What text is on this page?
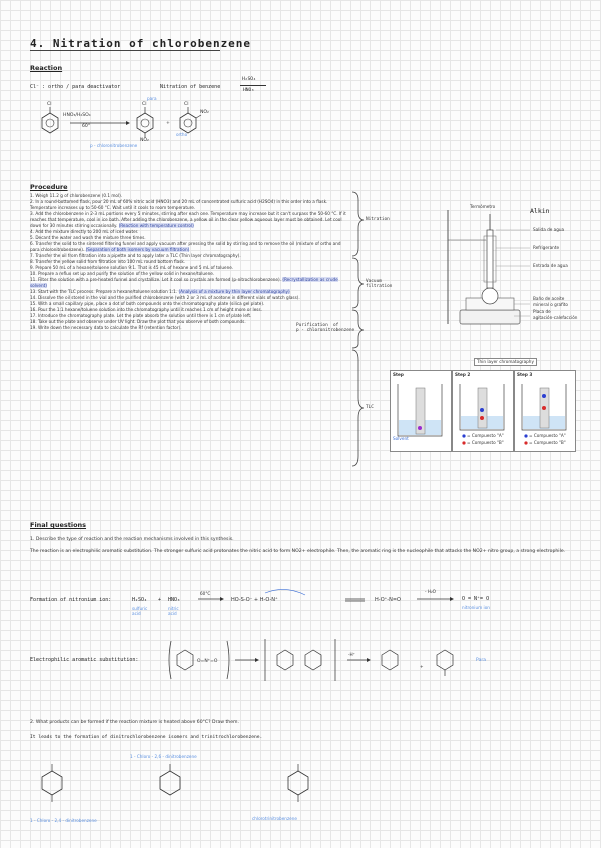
4. Nitration of chlorobenzene
Reaction
Cl⁻ : ortho / para deactivator	Nitration of benzene
H₂SO₄
HNO₃
Cl
HNO₃/H₂SO₄
60°
Cl
NO₂
+
Cl
NO₂
para
ortho
p - chloronitrobenzene
Procedure
1. Weigh 11.2 g of chlorobenzene (0.1 mol).
2. In a round-bottomed flask, pour 20 mL of 60% nitric acid (HNO3) and 20 mL of concentrated sulfuric acid (H2SO4) in this order into a flask. Temperature increases up to 50-60 °C. Wait until it cools to room temperature.
3. Add the chlorobenzene in 2-3 mL portions every 5 minutes, stirring after each one. Temperature may increase but it can't surpass the 50-60 °C. If it reaches that temperature, cool in ice bath. After adding the chlorobenzene, a yellow oil in the clear yellow aqueous layer must be obtained. Let cool down for 30 minutes stirring occasionally. (Reaction with temperature control)
4. Add the mixture directly to 200 mL of iced water.
5. Decant the water and wash the mixture three times.
6. Transfer the solid to the sintered filtering funnel and apply vacuum after pressing the solid by stirring and to remove the oil (mixture of ortho and para chloronitrobenzene). (Separation of both isomers by vacuum filtration)
7. Transfer the oil from filtration into a pipette and to apply later a TLC (Thin layer chromatography).
8. Transfer the yellow solid from filtration into 100 mL round bottom flask.
9. Prepare 50 mL of a hexane/toluene solution 9:1. That is 45 mL of hexane and 5 mL of toluene.
10. Prepare a reflux set up and purify the solution of the yellow solid in hexane/toluene.
11. Filter the solution with a pre-heated funnel and crystallize. Let it cool so crystals are formed (p-nitrochlorobenzene). (Recrystallization as crude solvent)
13. Start with the TLC process. Prepare a hexane/toluene solution 1:1. (Analysis of a mixture by thin layer chromatography)
14. Dissolve the oil stored in the vial and the purified chlorobenzene (with 2 or 3 mL of acetone in different vials of watch glass).
15. With a small capillary pipe, place a dot of both compounds onto the chromatography plate (silica gel plate).
16. Pour the 1:1 hexane/toluene solution into the chromatography until it reaches 1 cm of height more or less.
17. Introduce the chromatography plate. Let the plate absorb the solution until there is 1 cm of plate left.
18. Take out the plate and observe under UV light. Draw the plot that you observe of both compounds.
19. Write down the necessary data to calculate the Rf (retention factor).
Nitration
Vacuum
filtration
Purification  of
p - chloronitrobenzene
TLC
Alkin
Termómetro
Salida de agua
Refrigerante
Entrada de agua
Baño de aceite
mineral o grafito
Placa de
agitación-calefacción
Thin layer chromatography
Step	Step 2	Step 3
Solvent
= Compuesto "A"
= Compuesto "B"
= Compuesto "A"
= Compuesto "B"
Final questions
1. Describe the type of reaction and the reaction mechanisms involved in this synthesis.
The reaction is an electrophilic aromatic substitution. The stronger sulfuric acid protonates the nitric acid to form NO2+ electrophile. Then, the aromatic ring is the nucleophile that attacks the NO2+ nitro group, a strong electrophile.
Formation of nitronium ion:	H₂SO₄ + HNO₃
sulfuric
acid
nitric
acid
60°C
HO-S-O⁻ + H-O-N⁺	H-O⁺-N=O
- H₂O
O = N⁺= O
nitronium ion
Electrophilic aromatic substitution:	O=N⁺=O
-H⁺
+
Para
2. What products can be formed if the reaction mixture is heated above 60°C? Draw them.
It leads to the formation of dinitrochlorobenzene isomers and trinitrochlorobenzene.
1 - Chloro - 2,4 - dinitrobenzene
1 - Chloro - 2,6 - dinitrobenzene
chlorotrinitrobenzene
